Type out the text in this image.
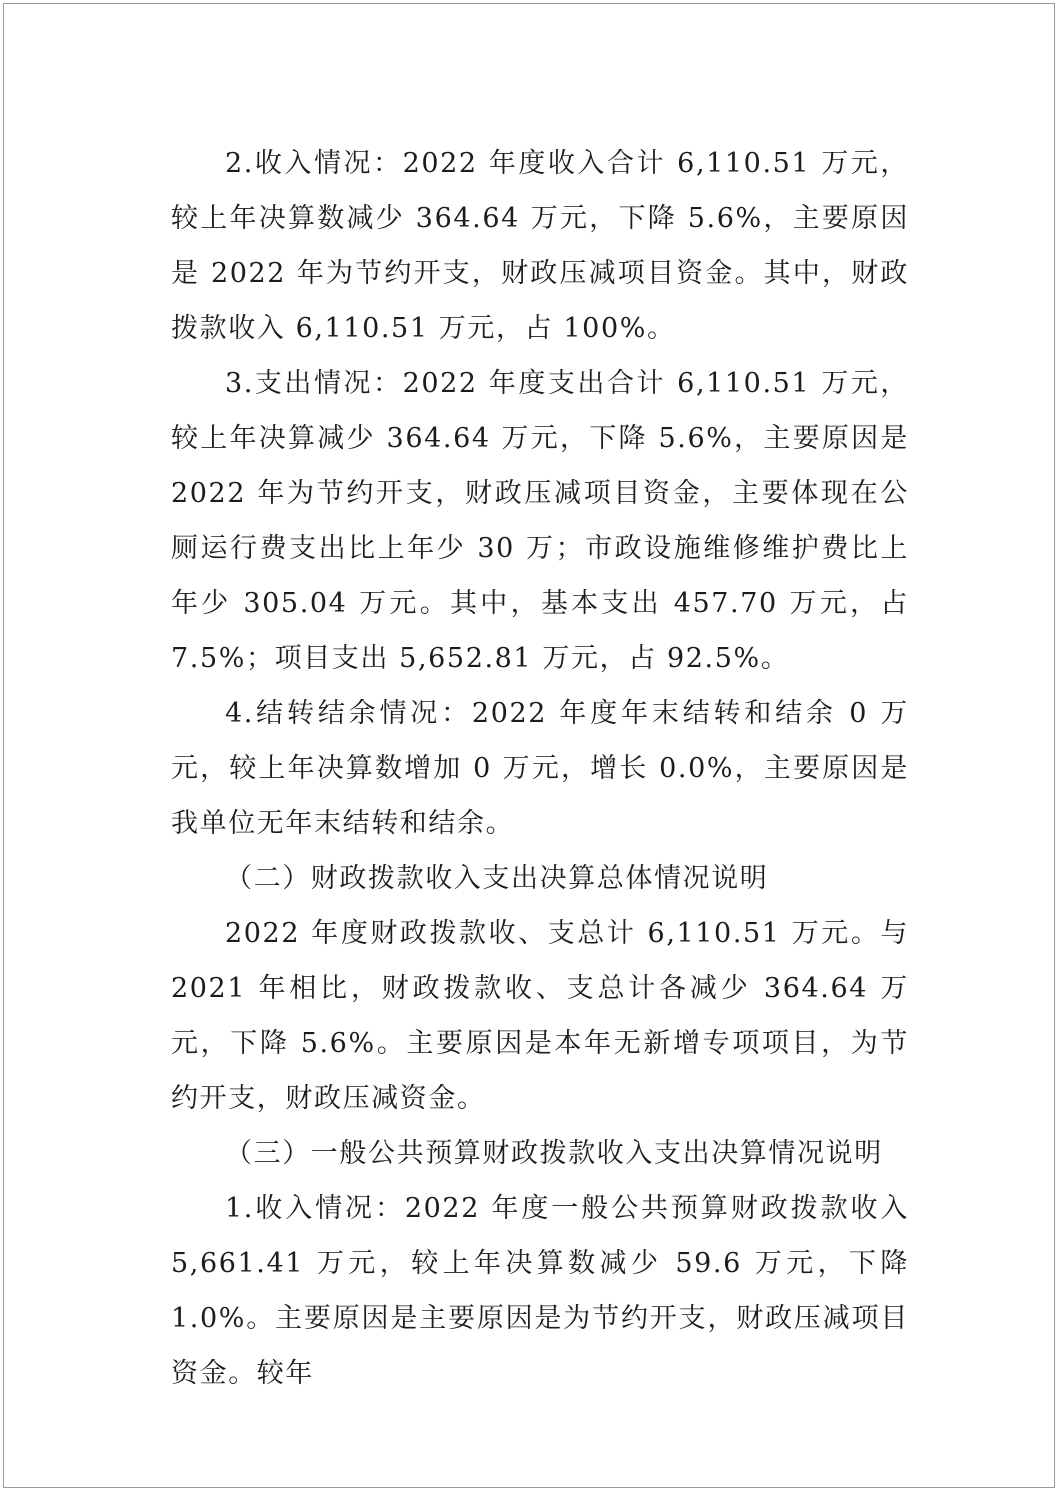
2.收入情况：2022 年度收入合计 6,110.51 万元，较上年决算数减少 364.64 万元，下降 5.6%，主要原因是 2022 年为节约开支，财政压减项目资金。其中，财政拨款收入 6,110.51 万元，占 100%。

3.支出情况：2022 年度支出合计 6,110.51 万元，较上年决算减少 364.64 万元，下降 5.6%，主要原因是 2022 年为节约开支，财政压减项目资金，主要体现在公厕运行费支出比上年少 30 万；市政设施维修维护费比上年少 305.04 万元。其中，基本支出 457.70 万元，占 7.5%；项目支出 5,652.81 万元，占 92.5%。

4.结转结余情况：2022 年度年末结转和结余 0 万元，较上年决算数增加 0 万元，增长 0.0%，主要原因是我单位无年末结转和结余。

（二）财政拨款收入支出决算总体情况说明

2022 年度财政拨款收、支总计 6,110.51 万元。与 2021 年相比，财政拨款收、支总计各减少 364.64 万元，下降 5.6%。主要原因是本年无新增专项项目，为节约开支，财政压减资金。

（三）一般公共预算财政拨款收入支出决算情况说明

1.收入情况：2022 年度一般公共预算财政拨款收入 5,661.41 万元，较上年决算数减少 59.6 万元，下降 1.0%。主要原因是主要原因是为节约开支，财政压减项目资金。较年
